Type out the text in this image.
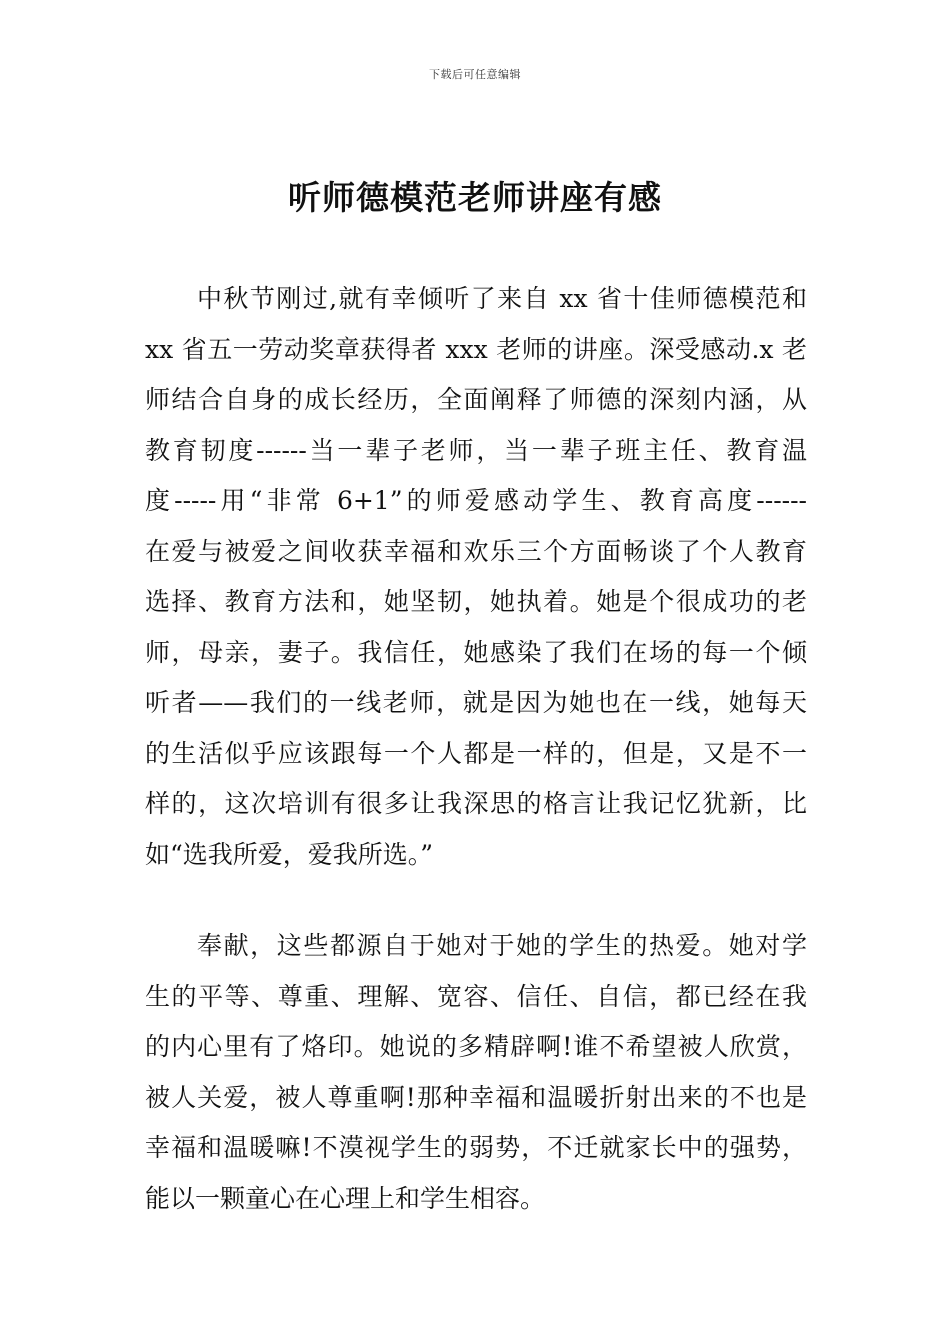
下载后可任意编辑
听师德模范老师讲座有感
中秋节刚过,就有幸倾听了来自 xx 省十佳师德模范和
xx 省五一劳动奖章获得者 xxx 老师的讲座。深受感动.x 老
师结合自身的成长经历，全面阐释了师德的深刻内涵，从
教育韧度------当一辈子老师，当一辈子班主任、教育温
度-----用“非常 6+1”的师爱感动学生、教育高度------
在爱与被爱之间收获幸福和欢乐三个方面畅谈了个人教育
选择、教育方法和，她坚韧，她执着。她是个很成功的老
师，母亲，妻子。我信任，她感染了我们在场的每一个倾
听者——我们的一线老师，就是因为她也在一线，她每天
的生活似乎应该跟每一个人都是一样的，但是，又是不一
样的，这次培训有很多让我深思的格言让我记忆犹新，比
如“选我所爱，爱我所选。”
奉献，这些都源自于她对于她的学生的热爱。她对学
生的平等、尊重、理解、宽容、信任、自信，都已经在我
的内心里有了烙印。她说的多精辟啊!谁不希望被人欣赏，
被人关爱，被人尊重啊!那种幸福和温暖折射出来的不也是
幸福和温暖嘛!不漠视学生的弱势，不迁就家长中的强势，
能以一颗童心在心理上和学生相容。
